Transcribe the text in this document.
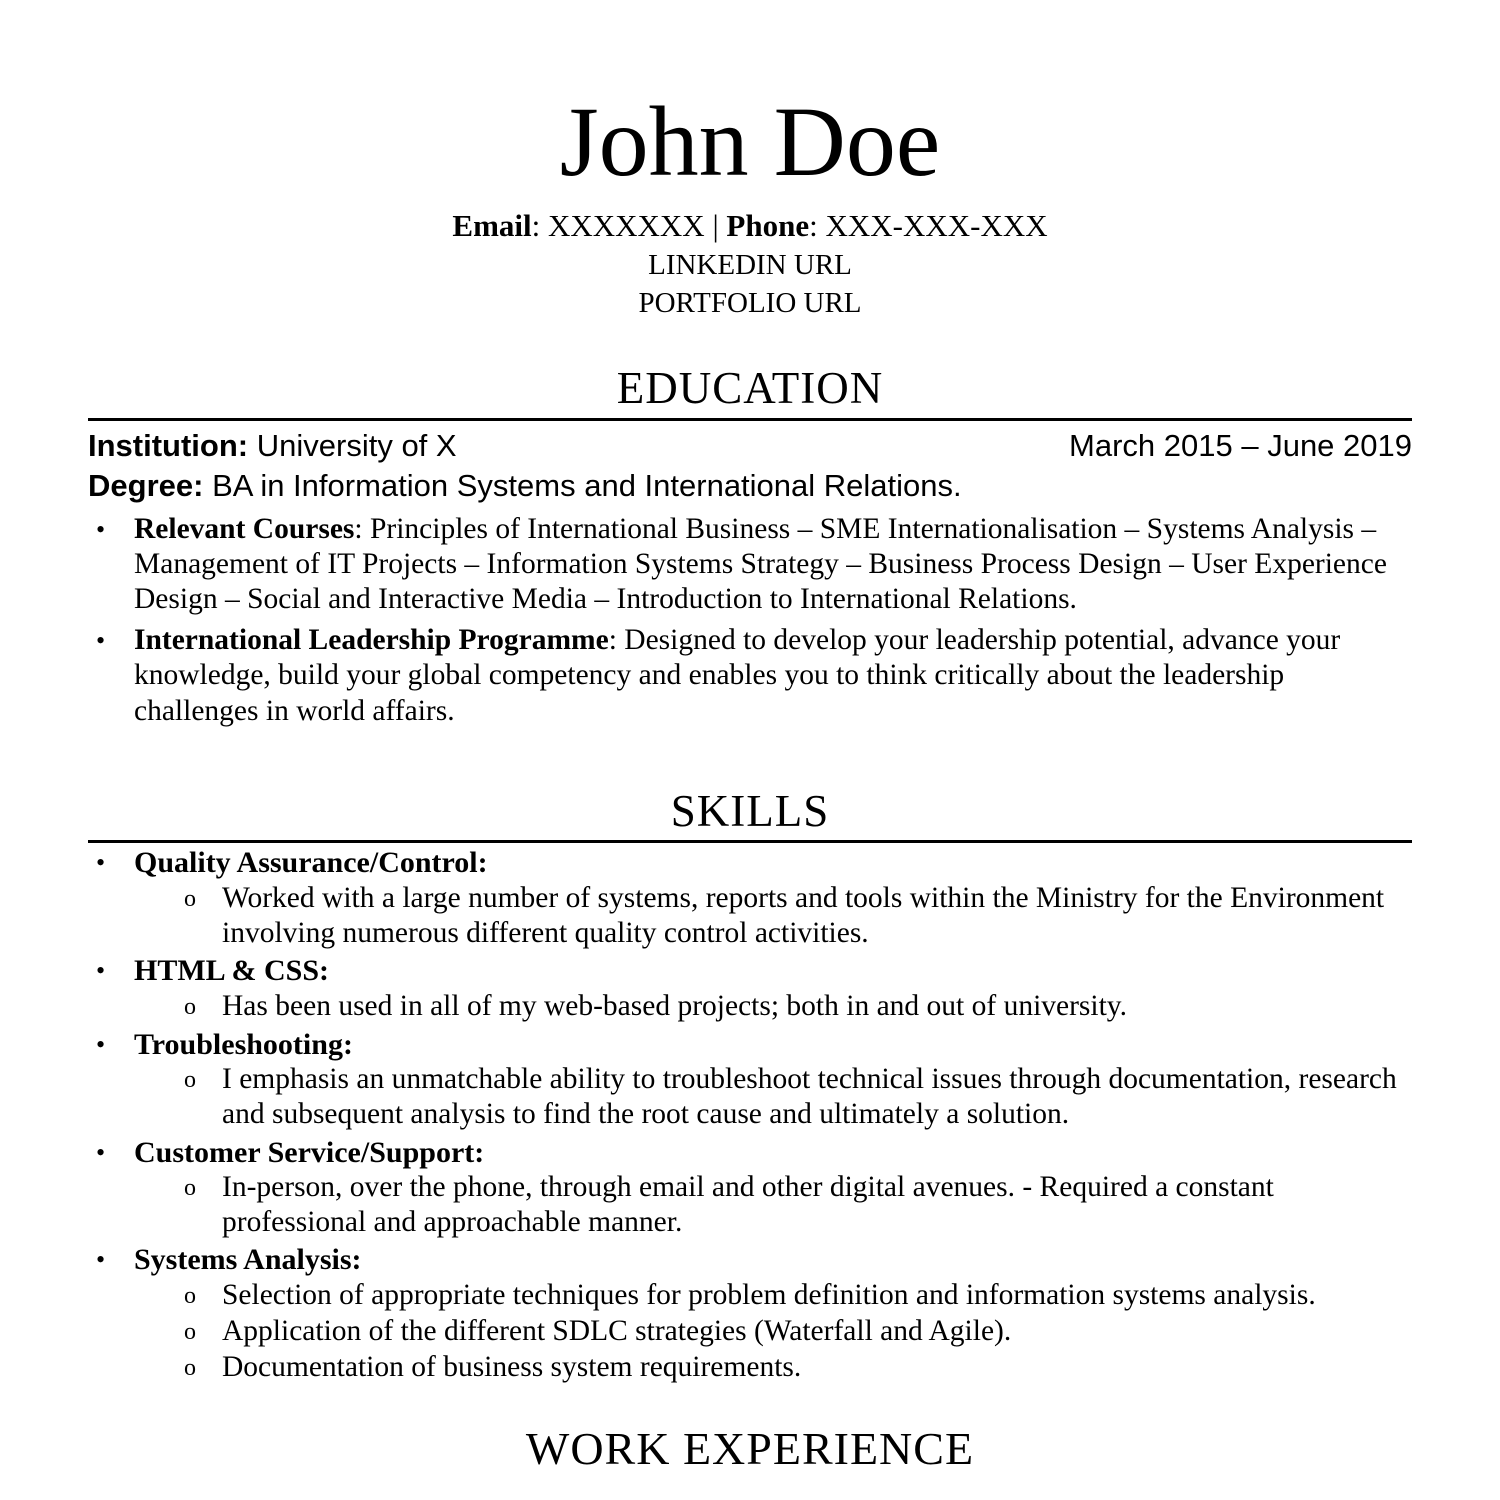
John Doe

Email: XXXXXXX | Phone: XXX-XXX-XXX

LINKEDIN URL

PORTFOLIO URL

EDUCATION
Institution: University of X	March 2015 – June 2019
Degree: BA in Information Systems and International Relations.
• Relevant Courses: Principles of International Business – SME Internationalisation – Systems Analysis – Management of IT Projects – Information Systems Strategy – Business Process Design – User Experience Design – Social and Interactive Media – Introduction to International Relations.
• International Leadership Programme: Designed to develop your leadership potential, advance your knowledge, build your global competency and enables you to think critically about the leadership challenges in world affairs.
SKILLS
• Quality Assurance/Control:
o Worked with a large number of systems, reports and tools within the Ministry for the Environment involving numerous different quality control activities.
• HTML & CSS:
o Has been used in all of my web-based projects; both in and out of university.
• Troubleshooting:
o I emphasis an unmatchable ability to troubleshoot technical issues through documentation, research and subsequent analysis to find the root cause and ultimately a solution.
• Customer Service/Support:
o In-person, over the phone, through email and other digital avenues. - Required a constant professional and approachable manner.
• Systems Analysis:
o Selection of appropriate techniques for problem definition and information systems analysis.
o Application of the different SDLC strategies (Waterfall and Agile).
o Documentation of business system requirements.
WORK EXPERIENCE
